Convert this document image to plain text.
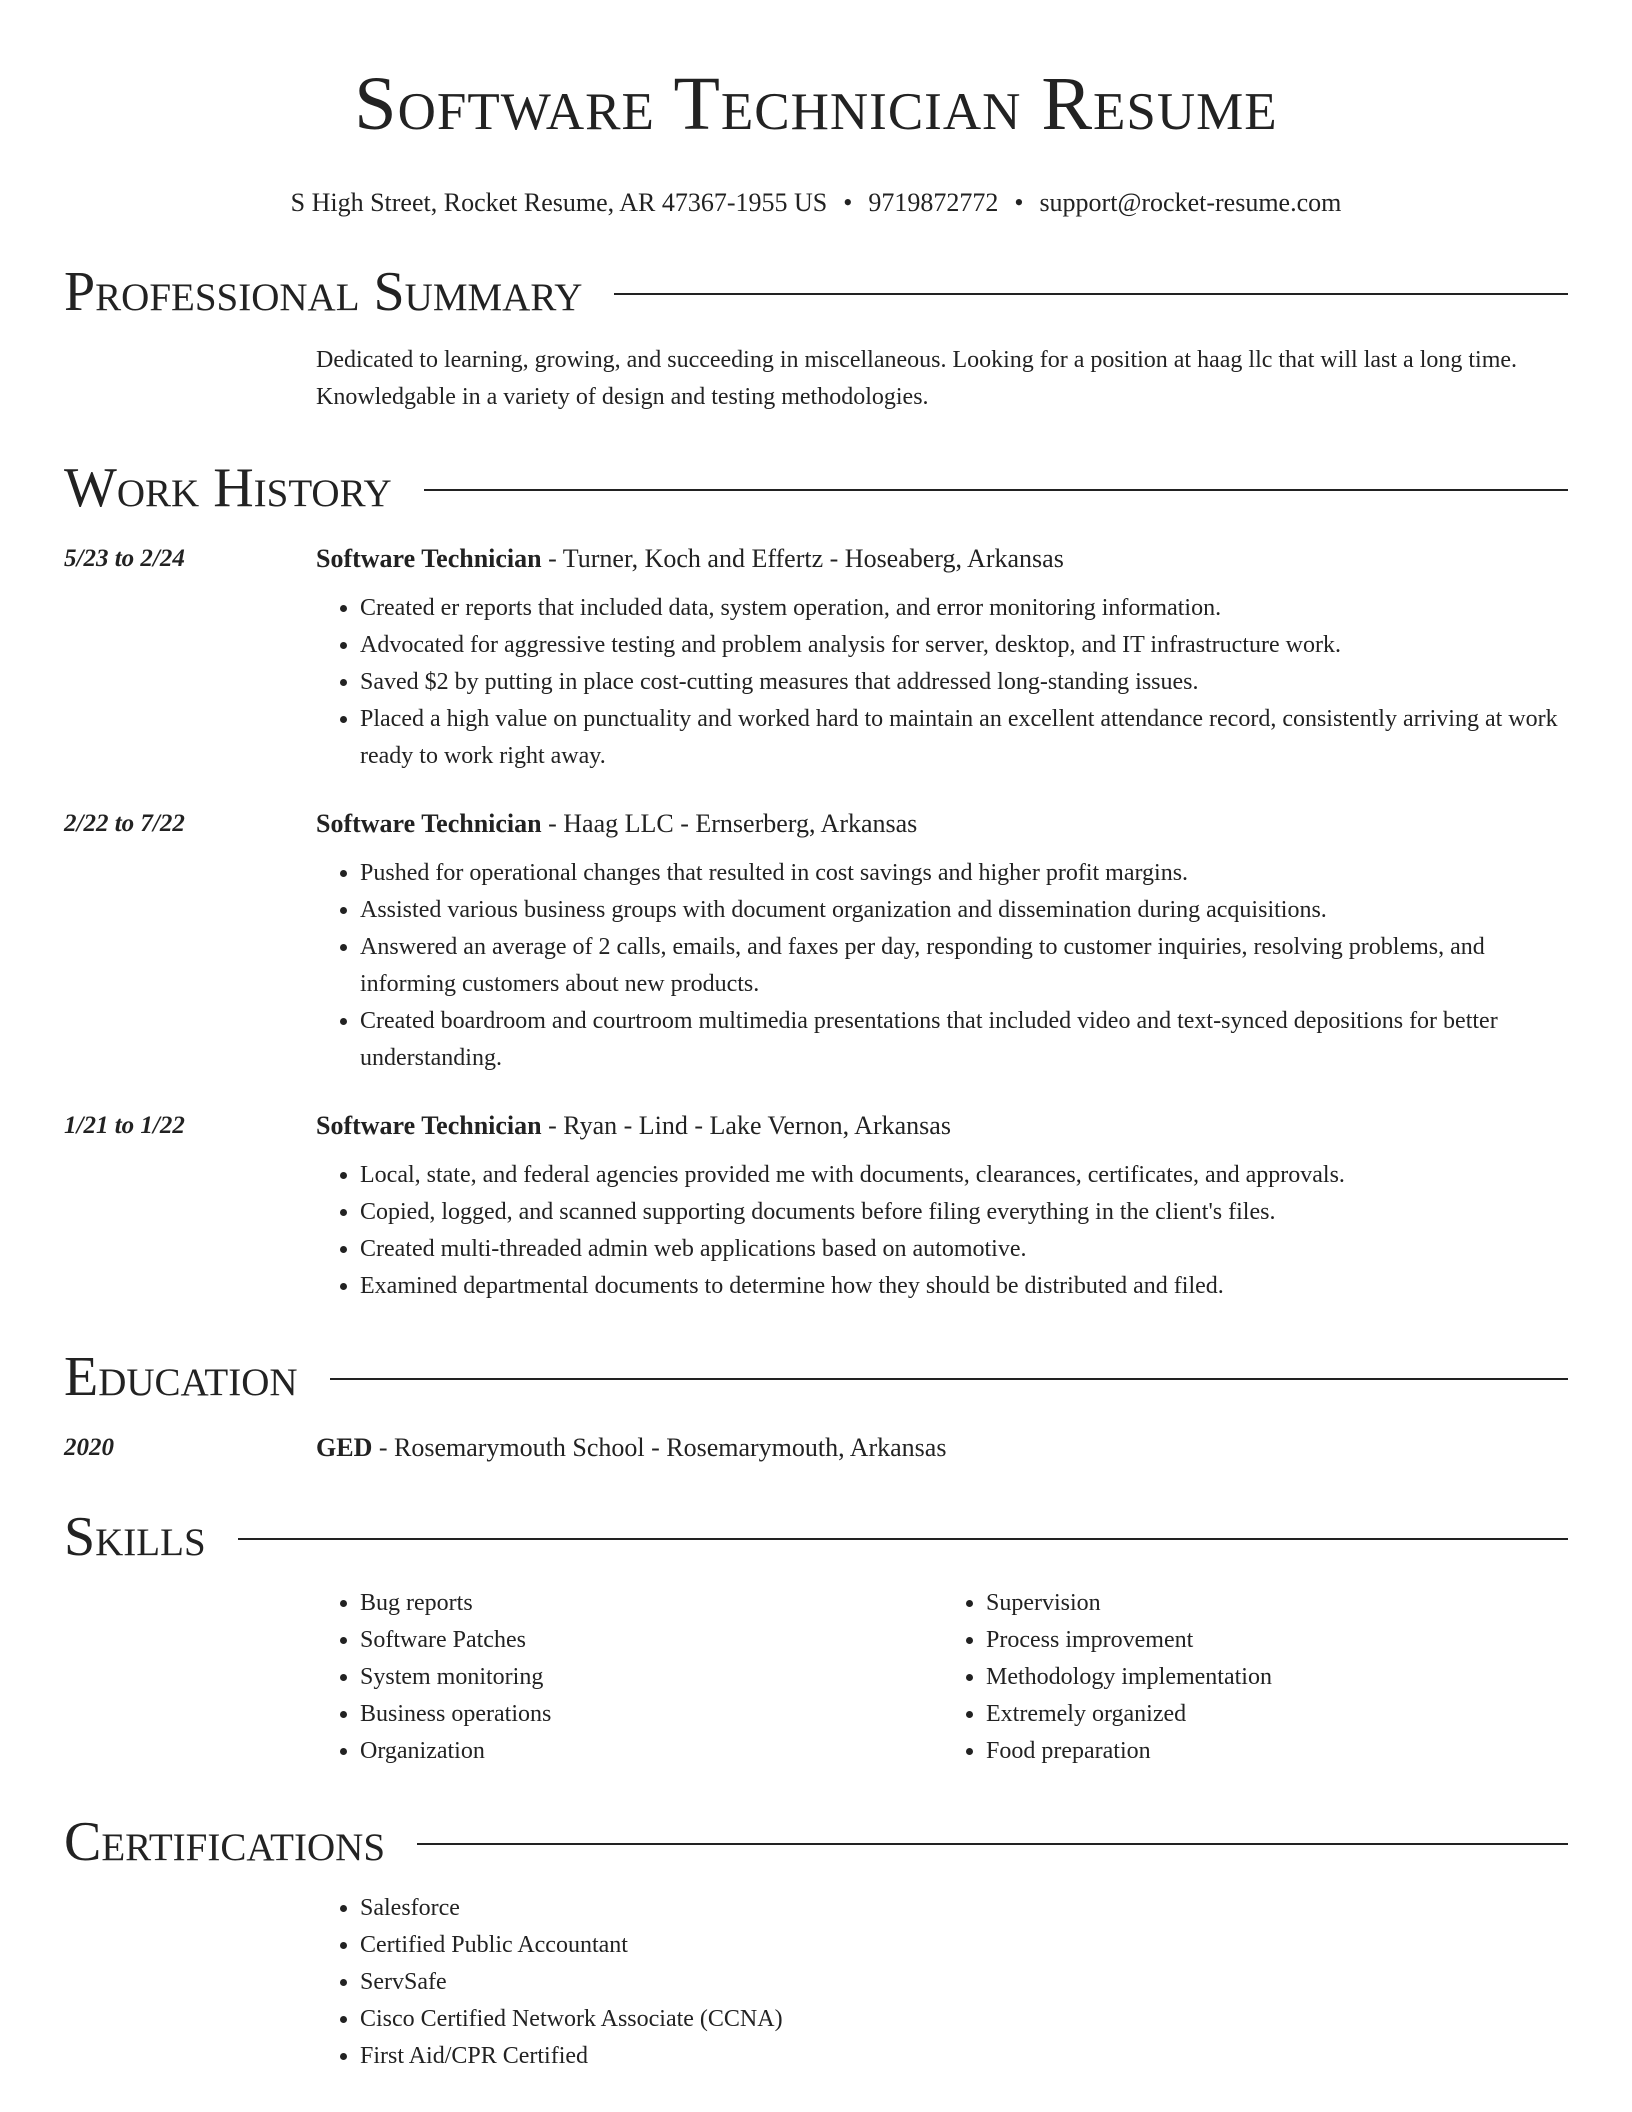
Software Technician Resume
S High Street, Rocket Resume, AR 47367-1955 US • 9719872772 • support@rocket-resume.com
Professional Summary
Dedicated to learning, growing, and succeeding in miscellaneous. Looking for a position at haag llc that will last a long time. Knowledgable in a variety of design and testing methodologies.
Work History
5/23 to 2/24	Software Technician - Turner, Koch and Effertz - Hoseaberg, Arkansas
• Created er reports that included data, system operation, and error monitoring information.
• Advocated for aggressive testing and problem analysis for server, desktop, and IT infrastructure work.
• Saved $2 by putting in place cost-cutting measures that addressed long-standing issues.
• Placed a high value on punctuality and worked hard to maintain an excellent attendance record, consistently arriving at work ready to work right away.
2/22 to 7/22	Software Technician - Haag LLC - Ernserberg, Arkansas
• Pushed for operational changes that resulted in cost savings and higher profit margins.
• Assisted various business groups with document organization and dissemination during acquisitions.
• Answered an average of 2 calls, emails, and faxes per day, responding to customer inquiries, resolving problems, and informing customers about new products.
• Created boardroom and courtroom multimedia presentations that included video and text-synced depositions for better understanding.
1/21 to 1/22	Software Technician - Ryan - Lind - Lake Vernon, Arkansas
• Local, state, and federal agencies provided me with documents, clearances, certificates, and approvals.
• Copied, logged, and scanned supporting documents before filing everything in the client's files.
• Created multi-threaded admin web applications based on automotive.
• Examined departmental documents to determine how they should be distributed and filed.
Education
2020	GED - Rosemarymouth School - Rosemarymouth, Arkansas
Skills
• Bug reports
• Software Patches
• System monitoring
• Business operations
• Organization
• Supervision
• Process improvement
• Methodology implementation
• Extremely organized
• Food preparation
Certifications
• Salesforce
• Certified Public Accountant
• ServSafe
• Cisco Certified Network Associate (CCNA)
• First Aid/CPR Certified
